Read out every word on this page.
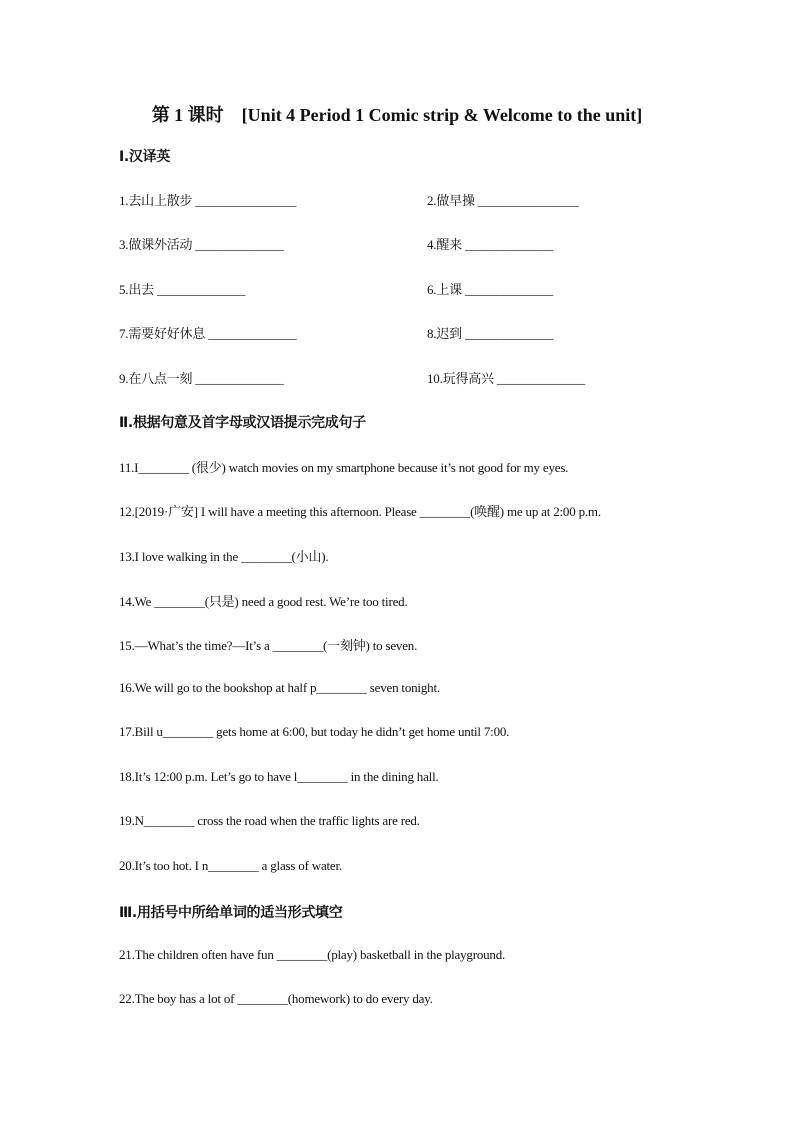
第 1 课时    [Unit 4 Period 1 Comic strip & Welcome to the unit]
Ⅰ.汉译英
1.去山上散步 ________________	2.做早操 ________________
3.做课外活动 ______________	4.醒来 ______________
5.出去 ______________	6.上课 ______________
7.需要好好休息 ______________	8.迟到 ______________
9.在八点一刻 ______________	10.玩得高兴 ______________
Ⅱ.根据句意及首字母或汉语提示完成句子
11.I________ (很少) watch movies on my smartphone because it’s not good for my eyes.
12.[2019·广安] I will have a meeting this afternoon. Please ________(唤醒) me up at 2:00 p.m.
13.I love walking in the ________(小山).
14.We ________(只是) need a good rest. We’re too tired.
15.—What’s the time?—It’s a ________(一刻钟) to seven.
16.We will go to the bookshop at half p________ seven tonight.
17.Bill u________ gets home at 6:00, but today he didn’t get home until 7:00.
18.It’s 12:00 p.m. Let’s go to have l________ in the dining hall.
19.N________ cross the road when the traffic lights are red.
20.It’s too hot. I n________ a glass of water.
Ⅲ.用括号中所给单词的适当形式填空
21.The children often have fun ________(play) basketball in the playground.
22.The boy has a lot of ________(homework) to do every day.
